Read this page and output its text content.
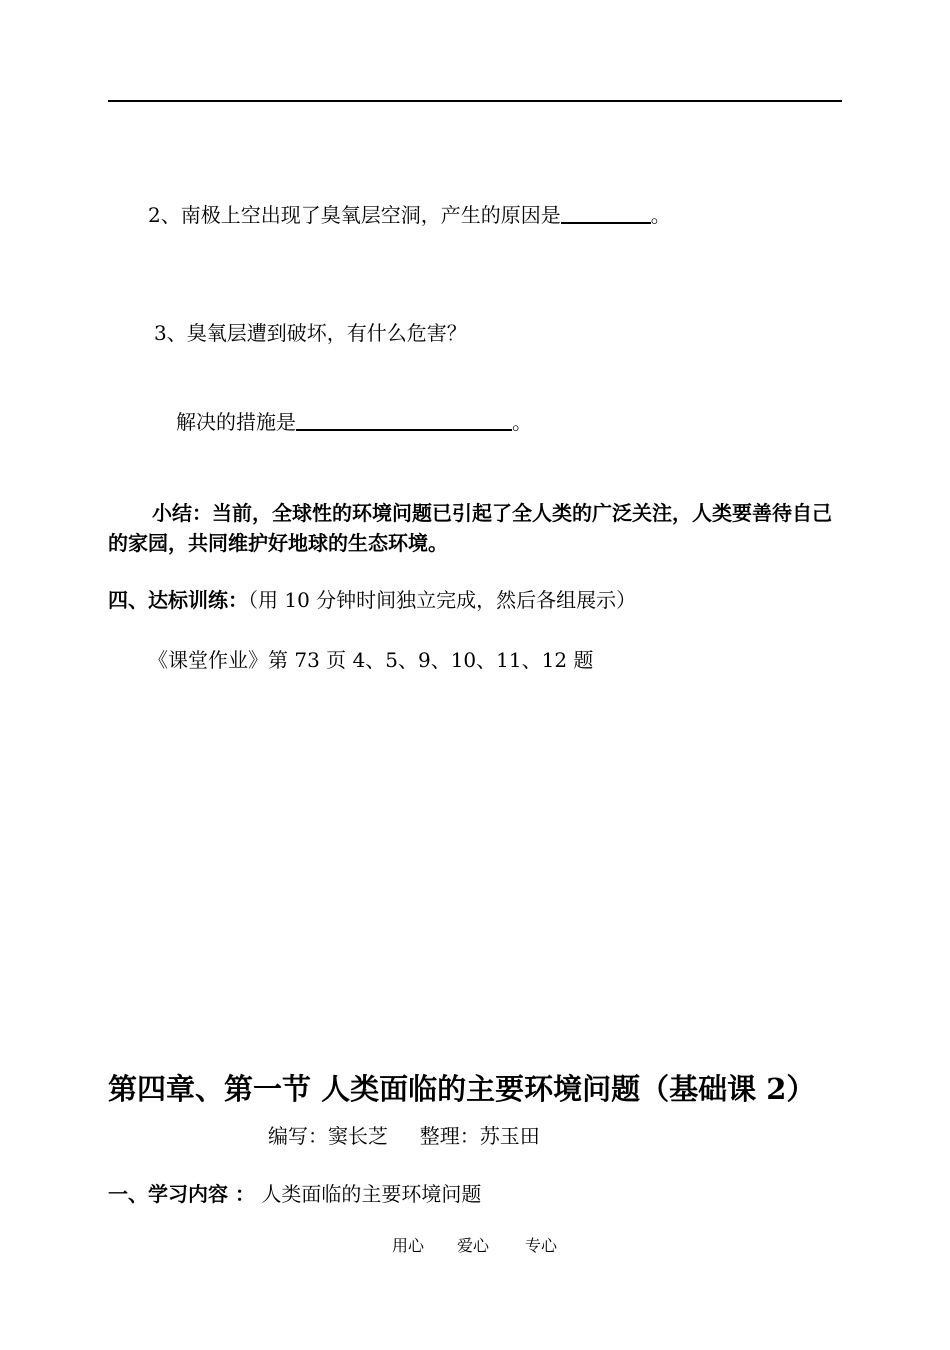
2、南极上空出现了臭氧层空洞，产生的原因是	。
3、臭氧层遭到破坏，有什么危害？
解决的措施是	。
小结：当前，全球性的环境问题已引起了全人类的广泛关注，人类要善待自己的家园，共同维护好地球的生态环境。
四、达标训练：（用 10 分钟时间独立完成，然后各组展示）
《课堂作业》第 73 页 4、5、9、10、11、12 题
第四章、第一节 人类面临的主要环境问题（基础课 2）
编写：窦长芝     整理：苏玉田
一、学习内容 ： 人类面临的主要环境问题
用心 爱心 专心
